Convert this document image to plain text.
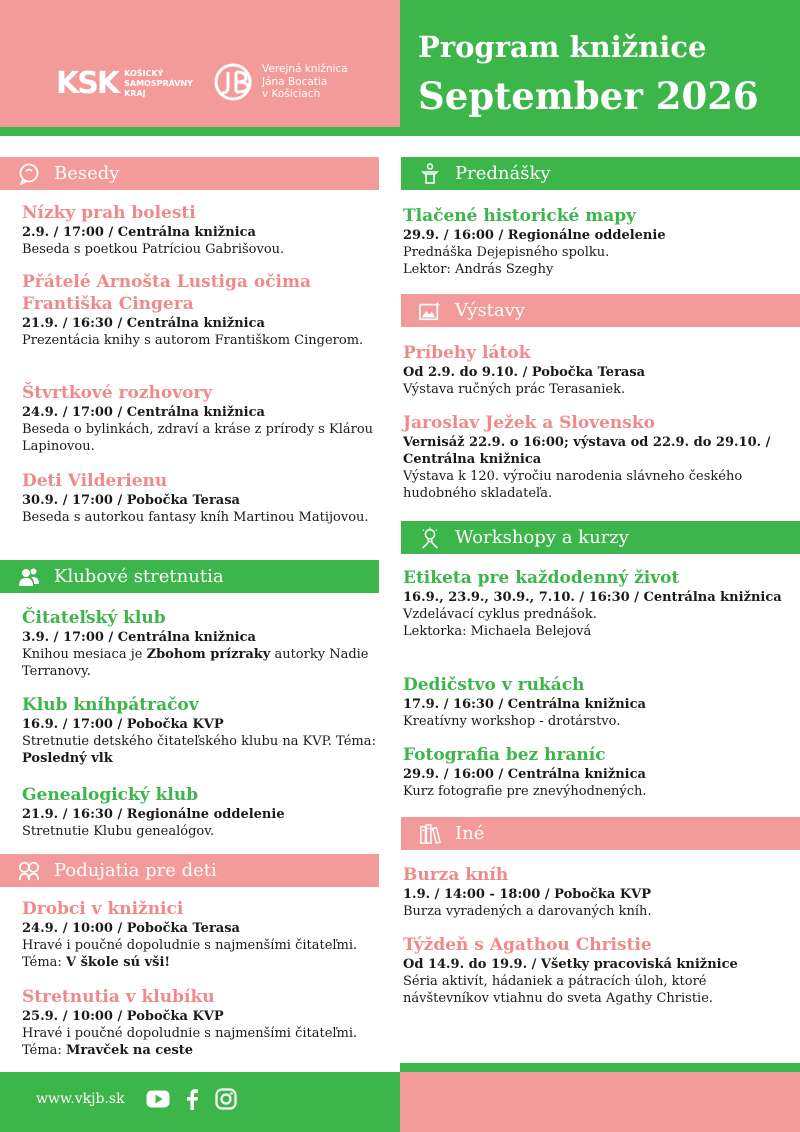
KSK KOŠICKÝ
SAMOSPRÁVNY
KRAJ
Verejná knižnica
Jána Bocatia
v Košiciach
Program knižnice
September 2026
Besedy
Nízky prah bolesti
2.9. / 17:00 / Centrálna knižnica
Beseda s poetkou Patríciou Gabrišovou.
Přátelé Arnošta Lustiga očima Františka Cingera
21.9. / 16:30 / Centrálna knižnica
Prezentácia knihy s autorom Františkom Cingerom.
Štvrtkové rozhovory
24.9. / 17:00 / Centrálna knižnica
Beseda o bylinkách, zdraví a kráse z prírody s Klárou Lapinovou.
Deti Vilderienu
30.9. / 17:00 / Pobočka Terasa
Beseda s autorkou fantasy kníh Martinou Matijovou.
Klubové stretnutia
Čitateľský klub
3.9. / 17:00 / Centrálna knižnica
Knihou mesiaca je Zbohom prízraky autorky Nadie Terranovy.
Klub kníhpátračov
16.9. / 17:00 / Pobočka KVP
Stretnutie detského čitateľského klubu na KVP. Téma: Posledný vlk
Genealogický klub
21.9. / 16:30 / Regionálne oddelenie
Stretnutie Klubu genealógov.
Podujatia pre deti
Drobci v knižnici
24.9. / 10:00 / Pobočka Terasa
Hravé i poučné dopoludnie s najmenšími čitateľmi. Téma: V škole sú vši!
Stretnutia v klubíku
25.9. / 10:00 / Pobočka KVP
Hravé i poučné dopoludnie s najmenšími čitateľmi. Téma: Mravček na ceste
Prednášky
Tlačené historické mapy
29.9. / 16:00 / Regionálne oddelenie
Prednáška Dejepisného spolku.
Lektor: András Szeghy
Výstavy
Príbehy látok
Od 2.9. do 9.10. / Pobočka Terasa
Výstava ručných prác Terasaniek.
Jaroslav Ježek a Slovensko
Vernisáž 22.9. o 16:00; výstava od 22.9. do 29.10. / Centrálna knižnica
Výstava k 120. výročiu narodenia slávneho českého hudobného skladateľa.
Workshopy a kurzy
Etiketa pre každodenný život
16.9., 23.9., 30.9., 7.10. / 16:30 / Centrálna knižnica
Vzdelávací cyklus prednášok.
Lektorka: Michaela Belejová
Dedičstvo v rukách
17.9. / 16:30 / Centrálna knižnica
Kreatívny workshop - drotárstvo.
Fotografia bez hraníc
29.9. / 16:00 / Centrálna knižnica
Kurz fotografie pre znevýhodnených.
Iné
Burza kníh
1.9. / 14:00 - 18:00 / Pobočka KVP
Burza vyradených a darovaných kníh.
Týždeň s Agathou Christie
Od 14.9. do 19.9. / Všetky pracoviská knižnice
Séria aktivít, hádaniek a pátracích úloh, ktoré návštevníkov vtiahnu do sveta Agathy Christie.
www.vkjb.sk
